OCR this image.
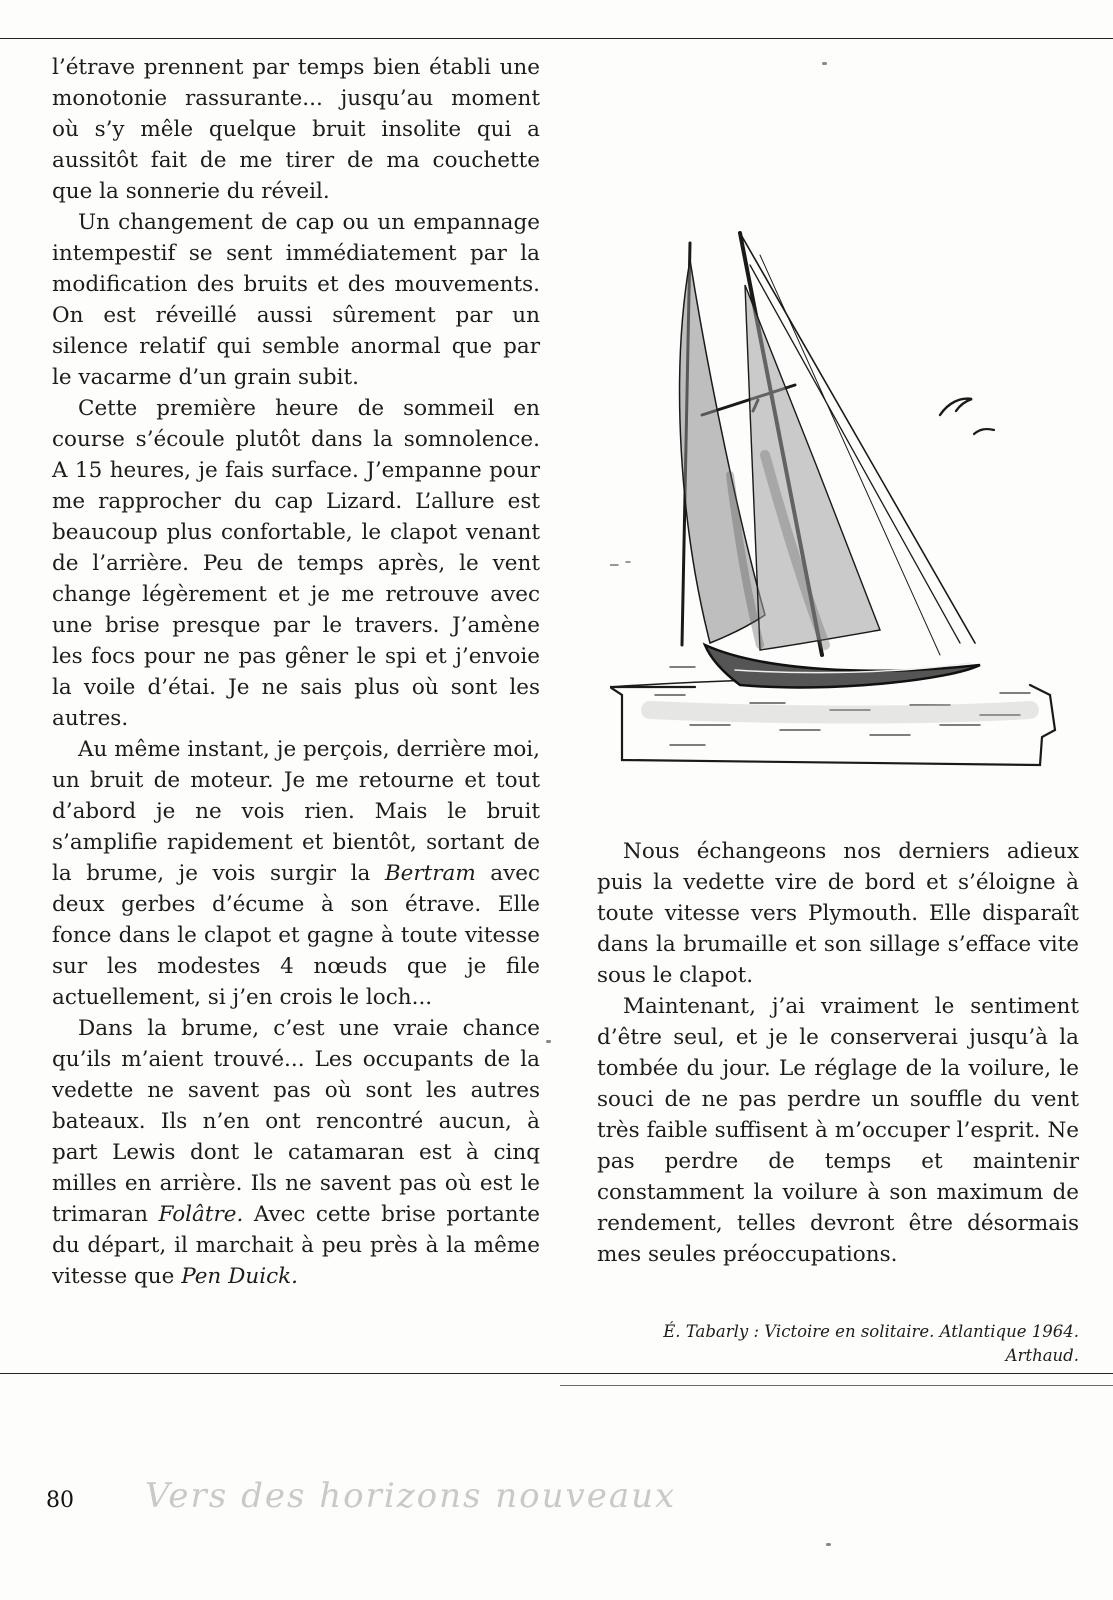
l’étrave prennent par temps bien établi une monotonie rassurante... jusqu’au moment où s’y mêle quelque bruit insolite qui a aussitôt fait de me tirer de ma couchette que la sonnerie du réveil.

Un changement de cap ou un empannage intempestif se sent immédiatement par la modification des bruits et des mouvements. On est réveillé aussi sûrement par un silence relatif qui semble anormal que par le vacarme d’un grain subit.

Cette première heure de sommeil en course s’écoule plutôt dans la somnolence. A 15 heures, je fais surface. J’empanne pour me rapprocher du cap Lizard. L’allure est beaucoup plus confortable, le clapot venant de l’arrière. Peu de temps après, le vent change légèrement et je me retrouve avec une brise presque par le travers. J’amène les focs pour ne pas gêner le spi et j’envoie la voile d’étai. Je ne sais plus où sont les autres.

Au même instant, je perçois, derrière moi, un bruit de moteur. Je me retourne et tout d’abord je ne vois rien. Mais le bruit s’amplifie rapidement et bientôt, sortant de la brume, je vois surgir la Bertram avec deux gerbes d’écume à son étrave. Elle fonce dans le clapot et gagne à toute vitesse sur les modestes 4 nœuds que je file actuellement, si j’en crois le loch...

Dans la brume, c’est une vraie chance qu’ils m’aient trouvé... Les occupants de la vedette ne savent pas où sont les autres bateaux. Ils n’en ont rencontré aucun, à part Lewis dont le catamaran est à cinq milles en arrière. Ils ne savent pas où est le trimaran Folâtre. Avec cette brise portante du départ, il marchait à peu près à la même vitesse que Pen Duick.

Nous échangeons nos derniers adieux puis la vedette vire de bord et s’éloigne à toute vitesse vers Plymouth. Elle disparaît dans la brumaille et son sillage s’efface vite sous le clapot.

Maintenant, j’ai vraiment le sentiment d’être seul, et je le conserverai jusqu’à la tombée du jour. Le réglage de la voilure, le souci de ne pas perdre un souffle du vent très faible suffisent à m’occuper l’esprit. Ne pas perdre de temps et maintenir constamment la voilure à son maximum de rendement, telles devront être désormais mes seules préoccupations.

É. Tabarly : Victoire en solitaire. Atlantique 1964.
Arthaud.
80 Vers des horizons nouveaux
